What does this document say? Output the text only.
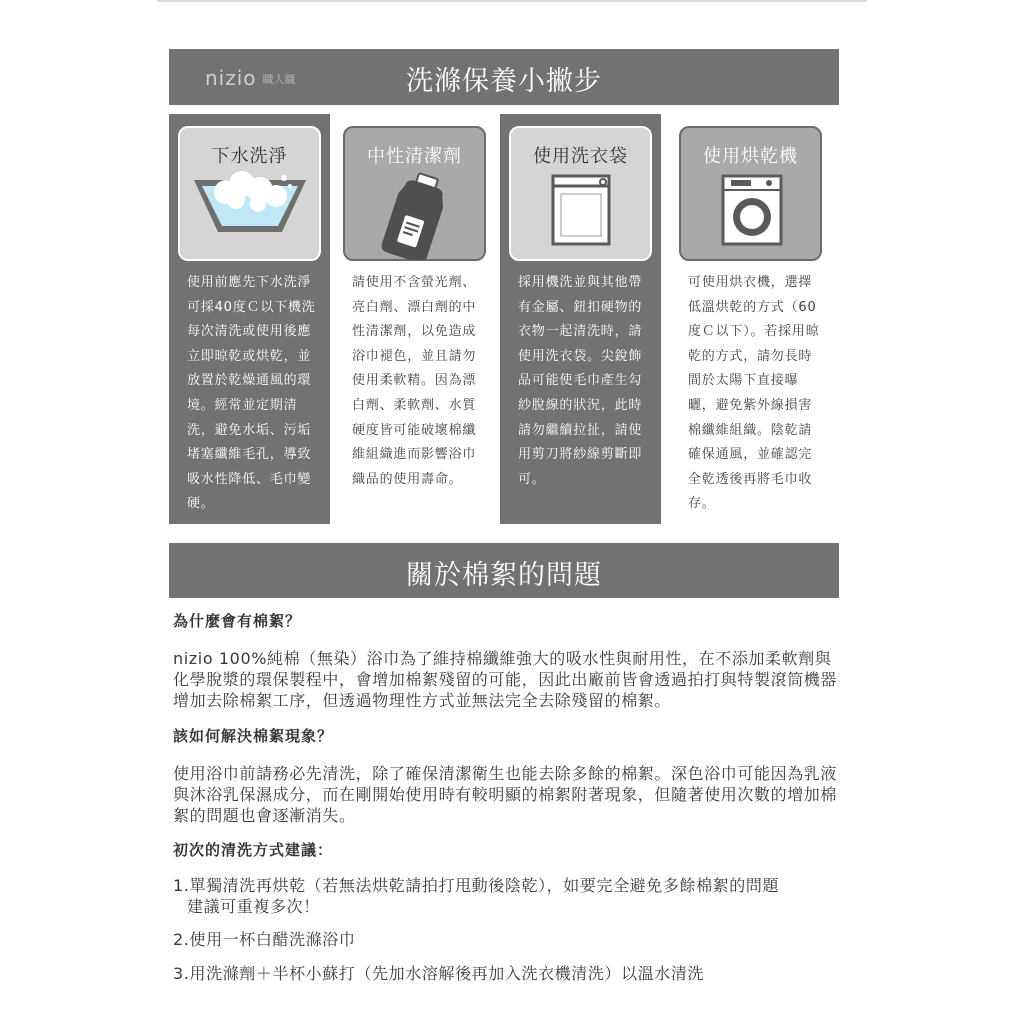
nizio 職人織	洗滌保養小撇步
下水洗淨
使用前應先下水洗淨可採40度Ｃ以下機洗每次清洗或使用後應立即晾乾或烘乾，並放置於乾燥通風的環境。經常並定期清洗，避免水垢、污垢堵塞纖維毛孔，導致吸水性降低、毛巾變硬。
中性清潔劑
請使用不含螢光劑、亮白劑、漂白劑的中性清潔劑，以免造成浴巾褪色，並且請勿使用柔軟精。因為漂白劑、柔軟劑、水質硬度皆可能破壞棉纖維組織進而影響浴巾織品的使用壽命。
使用洗衣袋
採用機洗並與其他帶有金屬、鈕扣硬物的衣物一起清洗時，請使用洗衣袋。尖銳飾品可能使毛巾產生勾紗脫線的狀況，此時請勿繼續拉扯，請使用剪刀將紗線剪斷即可。
使用烘乾機
可使用烘衣機，選擇低溫烘乾的方式（60度Ｃ以下）。若採用晾乾的方式，請勿長時間於太陽下直接曝曬，避免紫外線損害棉纖維組織。陰乾請確保通風，並確認完全乾透後再將毛巾收存。
關於棉絮的問題
為什麼會有棉絮？
nizio 100%純棉（無染）浴巾為了維持棉纖維強大的吸水性與耐用性，在不添加柔軟劑與化學脫漿的環保製程中，會增加棉絮殘留的可能，因此出廠前皆會透過拍打與特製滾筒機器增加去除棉絮工序，但透過物理性方式並無法完全去除殘留的棉絮。
該如何解決棉絮現象？
使用浴巾前請務必先清洗，除了確保清潔衛生也能去除多餘的棉絮。深色浴巾可能因為乳液與沐浴乳保濕成分，而在剛開始使用時有較明顯的棉絮附著現象，但隨著使用次數的增加棉絮的問題也會逐漸消失。
初次的清洗方式建議：
1.單獨清洗再烘乾（若無法烘乾請拍打甩動後陰乾），如要完全避免多餘棉絮的問題
建議可重複多次！
2.使用一杯白醋洗滌浴巾
3.用洗滌劑＋半杯小蘇打（先加水溶解後再加入洗衣機清洗）以溫水清洗
